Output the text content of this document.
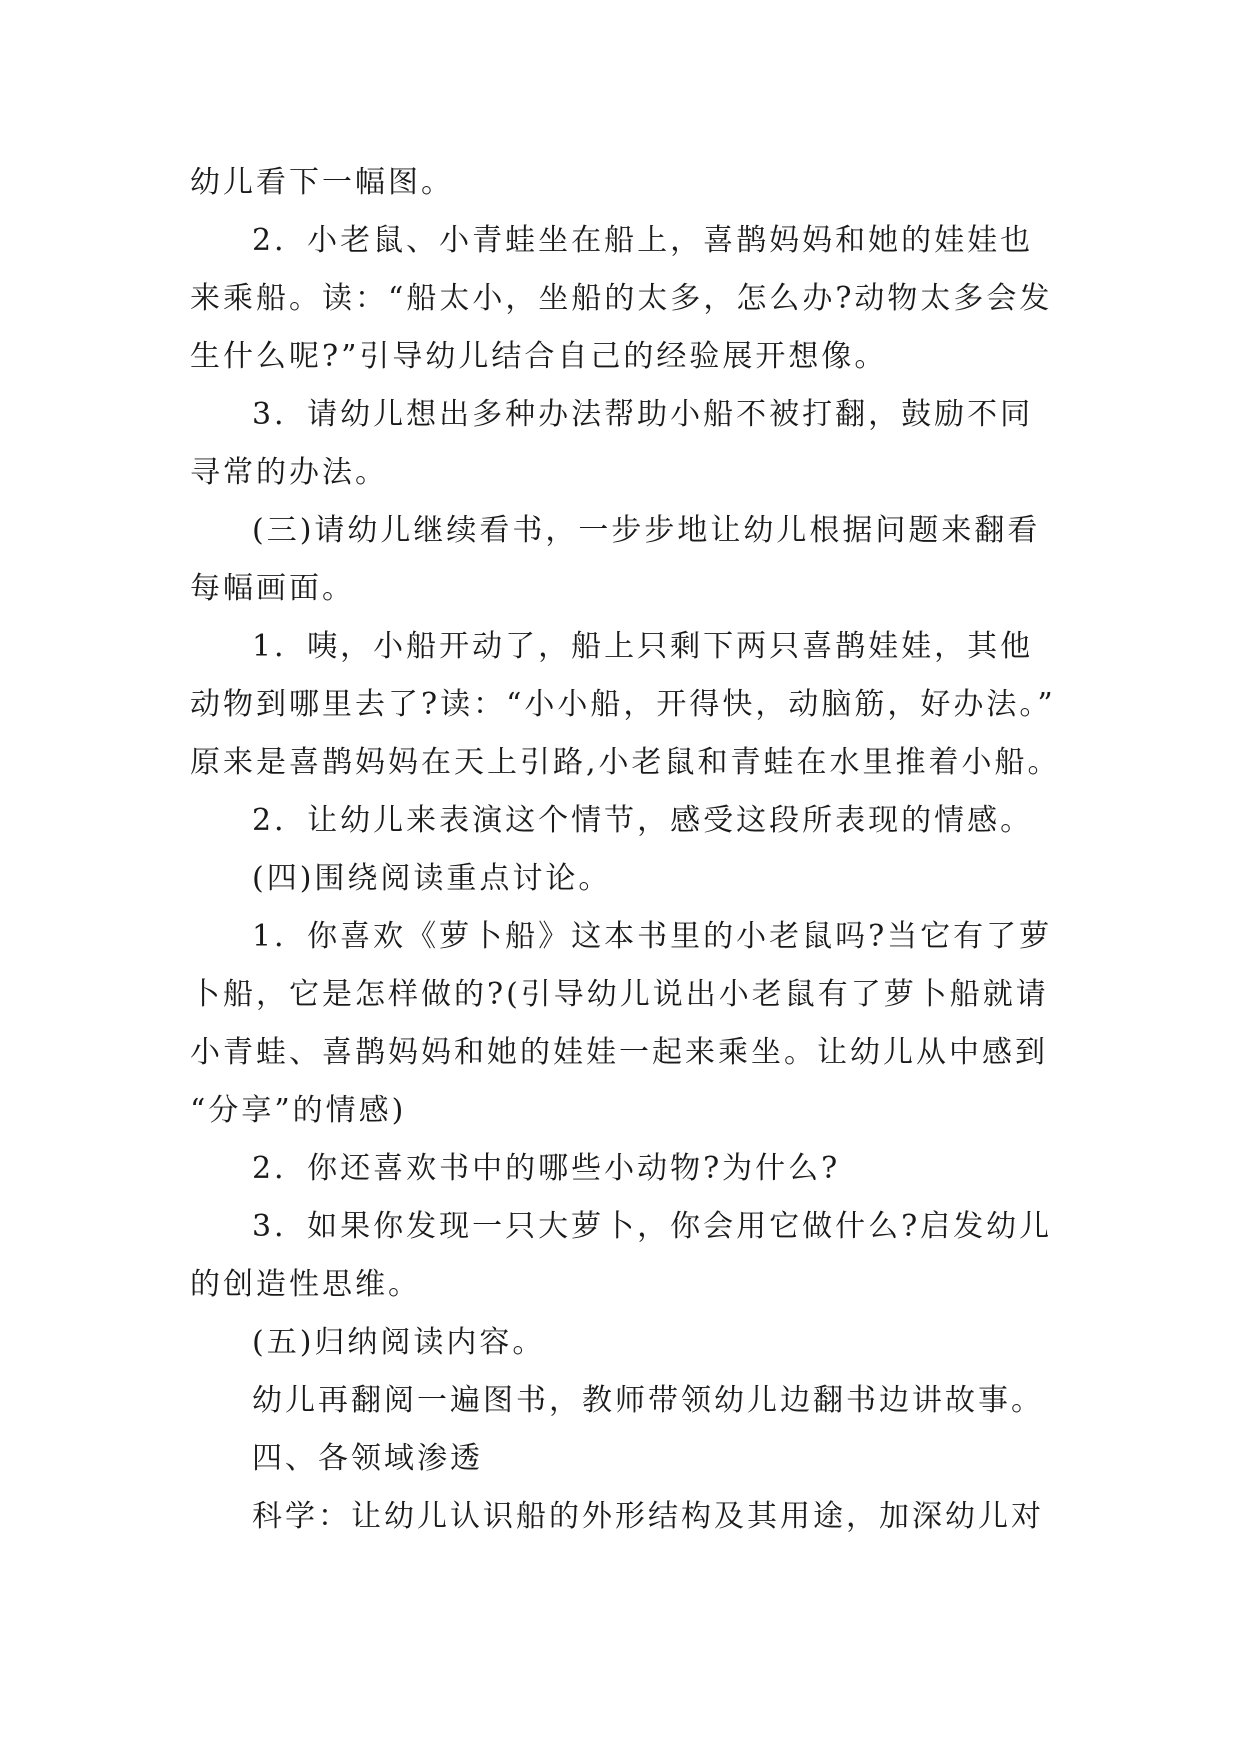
幼儿看下一幅图。
2．小老鼠、小青蛙坐在船上，喜鹊妈妈和她的娃娃也
来乘船。读：“船太小，坐船的太多，怎么办?动物太多会发
生什么呢?”引导幼儿结合自己的经验展开想像。
3．请幼儿想出多种办法帮助小船不被打翻，鼓励不同
寻常的办法。
(三)请幼儿继续看书，一步步地让幼儿根据问题来翻看
每幅画面。
1．咦，小船开动了，船上只剩下两只喜鹊娃娃，其他
动物到哪里去了?读：“小小船，开得快，动脑筋，好办法。”
原来是喜鹊妈妈在天上引路,小老鼠和青蛙在水里推着小船。
2．让幼儿来表演这个情节，感受这段所表现的情感。
(四)围绕阅读重点讨论。
1．你喜欢《萝卜船》这本书里的小老鼠吗?当它有了萝
卜船，它是怎样做的?(引导幼儿说出小老鼠有了萝卜船就请
小青蛙、喜鹊妈妈和她的娃娃一起来乘坐。让幼儿从中感到
“分享”的情感)
2．你还喜欢书中的哪些小动物?为什么?
3．如果你发现一只大萝卜，你会用它做什么?启发幼儿
的创造性思维。
(五)归纳阅读内容。
幼儿再翻阅一遍图书，教师带领幼儿边翻书边讲故事。
四、各领域渗透
科学：让幼儿认识船的外形结构及其用途，加深幼儿对
